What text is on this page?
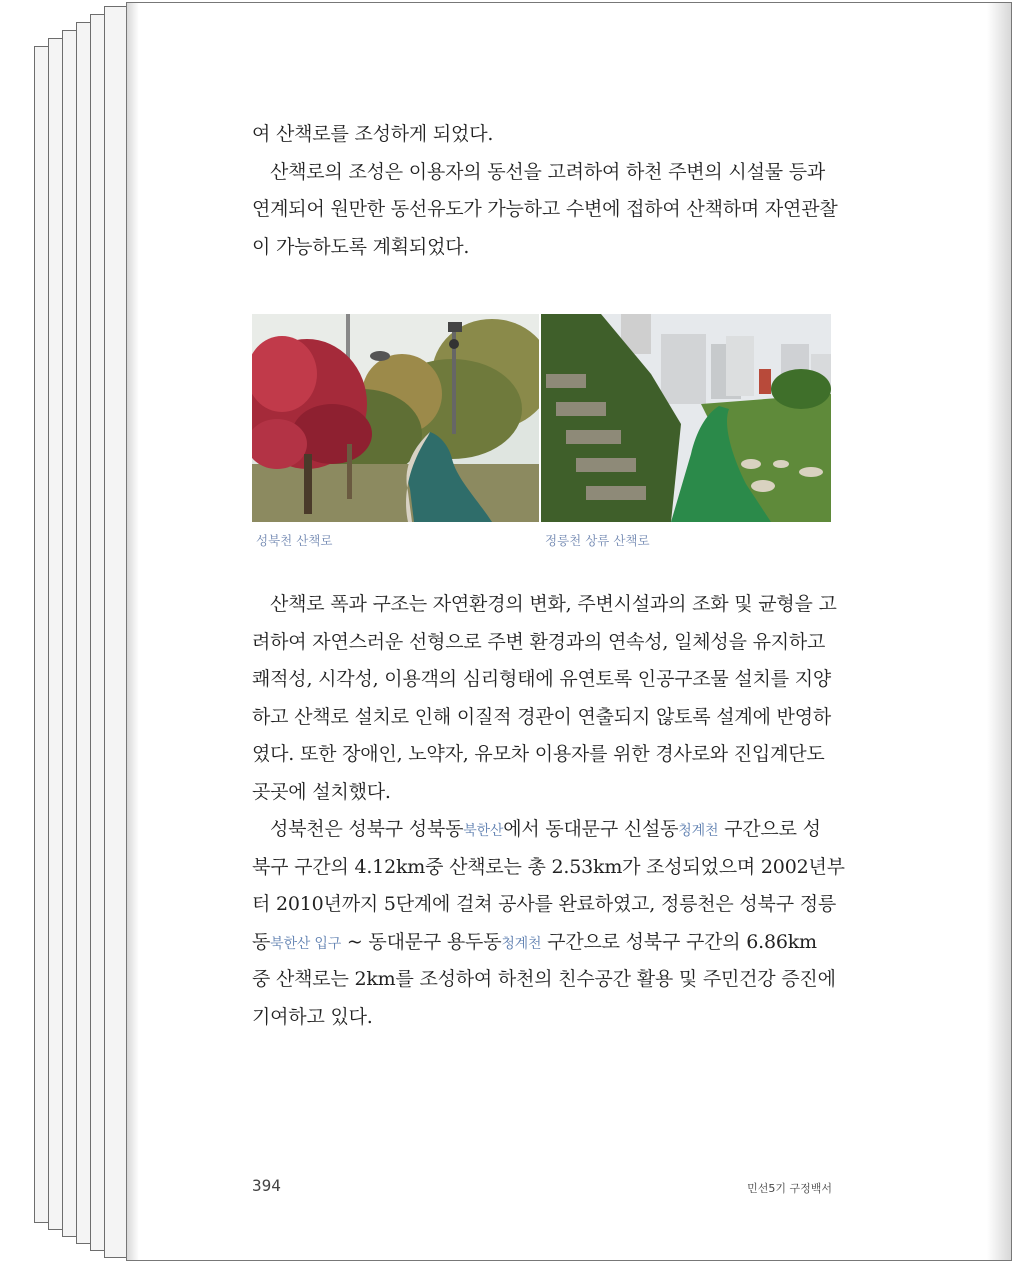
여 산책로를 조성하게 되었다.
산책로의 조성은 이용자의 동선을 고려하여 하천 주변의 시설물 등과
연계되어 원만한 동선유도가 가능하고 수변에 접하여 산책하며 자연관찰
이 가능하도록 계획되었다.
성북천 산책로	정릉천 상류 산책로
산책로 폭과 구조는 자연환경의 변화, 주변시설과의 조화 및 균형을 고
려하여 자연스러운 선형으로 주변 환경과의 연속성, 일체성을 유지하고
쾌적성, 시각성, 이용객의 심리형태에 유연토록 인공구조물 설치를 지양
하고 산책로 설치로 인해 이질적 경관이 연출되지 않토록 설계에 반영하
였다. 또한 장애인, 노약자, 유모차 이용자를 위한 경사로와 진입계단도
곳곳에 설치했다.
성북천은 성북구 성북동북한산에서 동대문구 신설동청계천 구간으로 성
북구 구간의 4.12km중 산책로는 총 2.53km가 조성되었으며 2002년부
터 2010년까지 5단계에 걸쳐 공사를 완료하였고, 정릉천은 성북구 정릉
동북한산 입구 ~ 동대문구 용두동청계천 구간으로 성북구 구간의 6.86km
중 산책로는 2km를 조성하여 하천의 친수공간 활용 및 주민건강 증진에
기여하고 있다.
394	민선5기 구정백서
